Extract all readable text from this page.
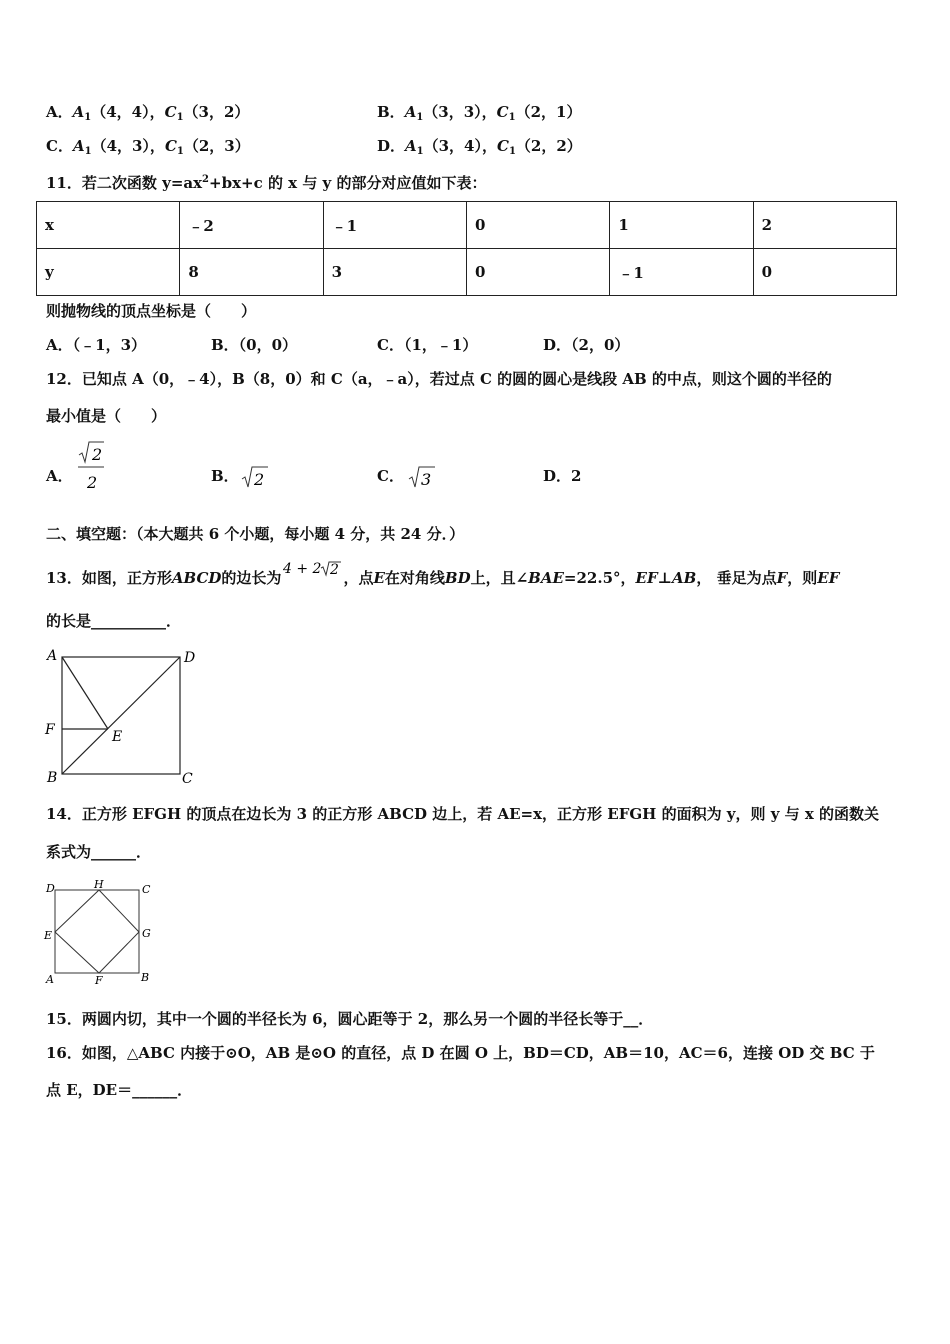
A．$A_1(4$，4），$C_1(3$，2）	B．$A_1(3$，3），$C_1(2$，1）
C．$A_1(4$，3），$C_1(2$，3）	D．$A_1(3$，4），$C_1(2$，2）
11．若二次函数 $y=ax^2+bx+c$ 的 x 与 y 的部分对应值如下表：
x	﹣2	﹣1	0	1	2
y	8	3	0	﹣1	0
则抛物线的顶点坐标是（　　）
A．（﹣1，3）	B．（0，0）	C．（1，﹣1）	D．（2，0）
12．已知点 A（0，﹣4），B（8，0）和 C（a，﹣a），若过点 C 的圆的圆心是线段 AB 的中点，则这个圆的半径的
最小值是（　　）
A．
2
2	B． 2	C． 3	D．2
二、填空题：（本大题共 6 个小题，每小题 4 分，共 24 分．）
13．如图，正方形ABCD的边长为 4 + 2 2 ，点E在对角线BD上，且∠BAE=22.5°，EF⊥AB， 垂足为点F，则EF
的长是__________．
A	D
F	E
B	C
14．正方形 EFGH 的顶点在边长为 3 的正方形 ABCD 边上，若 AE=x，正方形 EFGH 的面积为 y，则 y 与 x 的函数关
系式为______．
D	H	C
E	G
A	F	B
15．两圆内切，其中一个圆的半径长为 6，圆心距等于 2，那么另一个圆的半径长等于__．
16．如图，△ABC 内接于⊙O，AB 是⊙O 的直径，点 D 在圆 O 上，BD＝CD，AB＝10，AC＝6，连接 OD 交 BC 于
点 E，DE＝______．
